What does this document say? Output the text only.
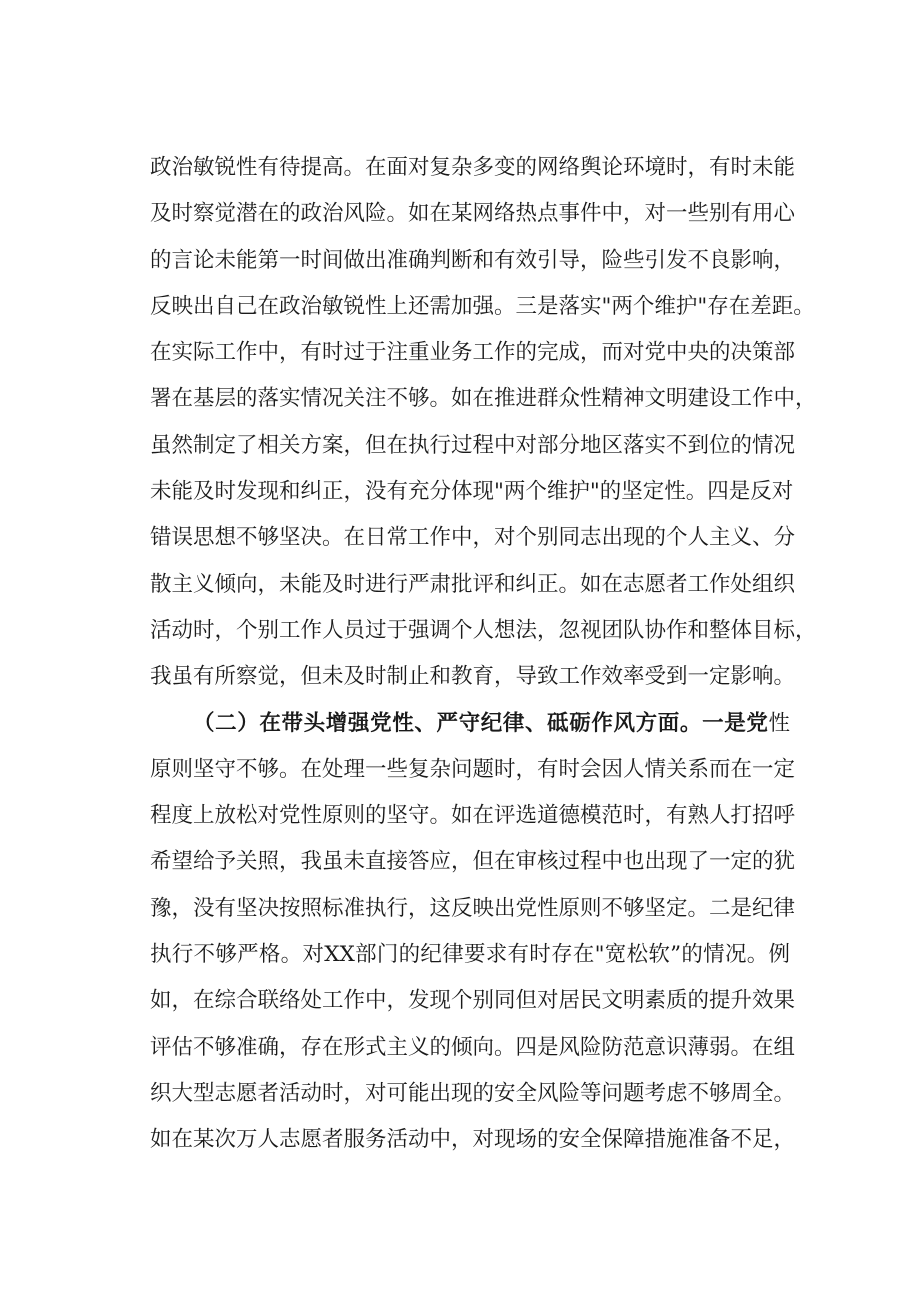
政治敏锐性有待提高。在面对复杂多变的网络舆论环境时，有时未能
及时察觉潜在的政治风险。如在某网络热点事件中，对一些别有用心
的言论未能第一时间做出准确判断和有效引导，险些引发不良影响，
反映出自己在政治敏锐性上还需加强。三是落实"两个维护"存在差距。
在实际工作中，有时过于注重业务工作的完成，而对党中央的决策部
署在基层的落实情况关注不够。如在推进群众性精神文明建设工作中，
虽然制定了相关方案，但在执行过程中对部分地区落实不到位的情况
未能及时发现和纠正，没有充分体现"两个维护"的坚定性。四是反对
错误思想不够坚决。在日常工作中，对个别同志出现的个人主义、分
散主义倾向，未能及时进行严肃批评和纠正。如在志愿者工作处组织
活动时，个别工作人员过于强调个人想法，忽视团队协作和整体目标，
我虽有所察觉，但未及时制止和教育，导致工作效率受到一定影响。
（二）在带头增强党性、严守纪律、砥砺作风方面。一是党性
原则坚守不够。在处理一些复杂问题时，有时会因人情关系而在一定
程度上放松对党性原则的坚守。如在评选道德模范时，有熟人打招呼
希望给予关照，我虽未直接答应，但在审核过程中也出现了一定的犹
豫，没有坚决按照标准执行，这反映出党性原则不够坚定。二是纪律
执行不够严格。对XX部门的纪律要求有时存在"宽松软”的情况。例
如，在综合联络处工作中，发现个别同但对居民文明素质的提升效果
评估不够准确，存在形式主义的倾向。四是风险防范意识薄弱。在组
织大型志愿者活动时，对可能出现的安全风险等问题考虑不够周全。
如在某次万人志愿者服务活动中，对现场的安全保障措施准备不足，
